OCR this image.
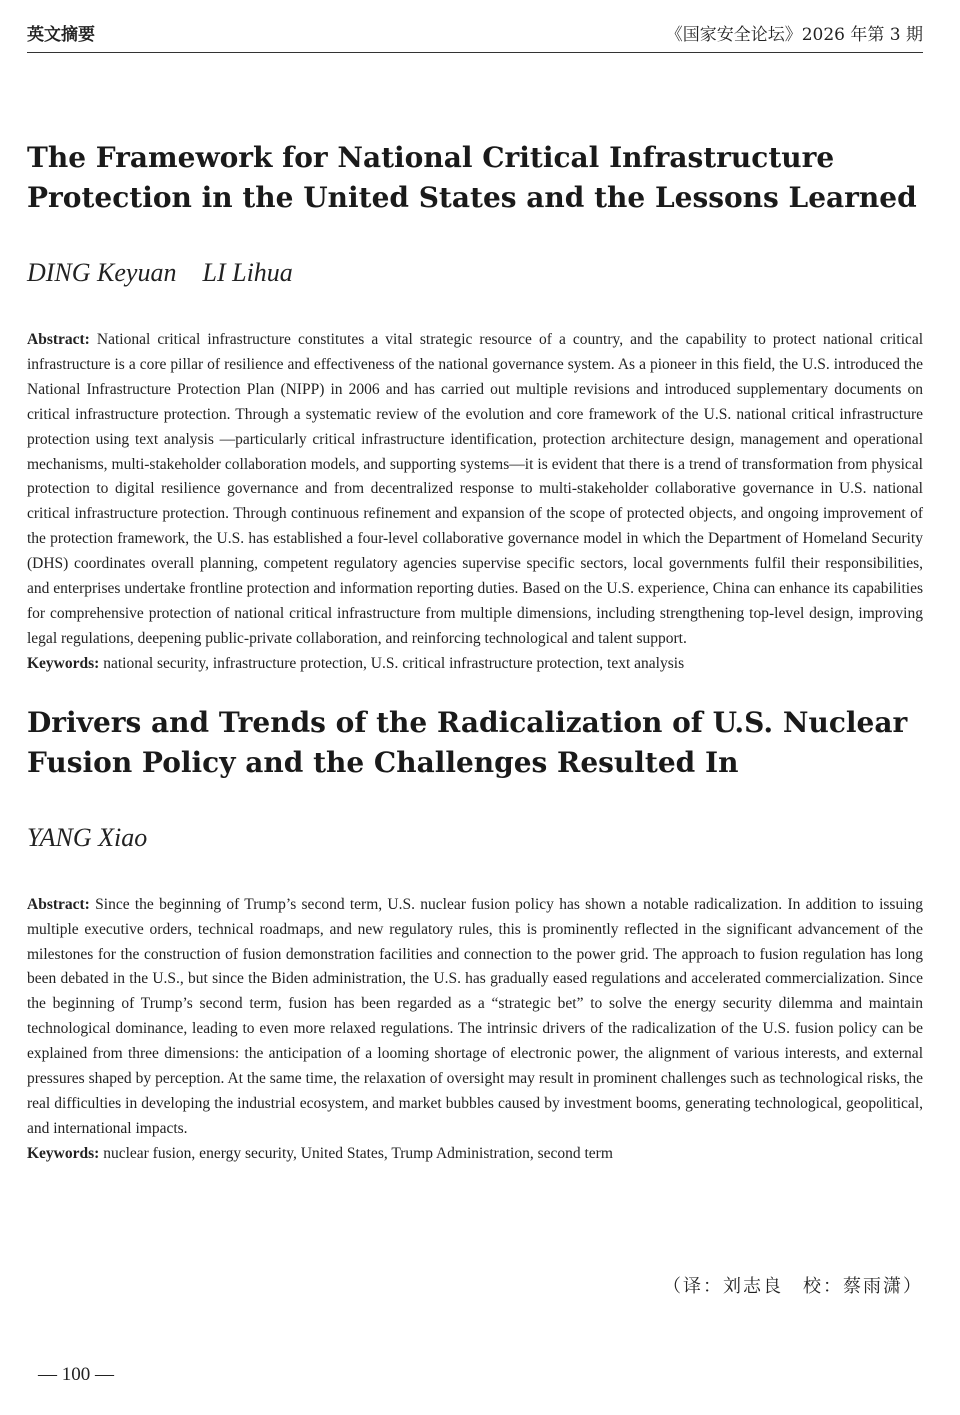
英文摘要	《国家安全论坛》2026 年第 3 期
The Framework for National Critical Infrastructure Protection in the United States and the Lessons Learned
DING Keyuan LI Lihua

Abstract: National critical infrastructure constitutes a vital strategic resource of a country, and the capability to protect national critical infrastructure is a core pillar of resilience and effectiveness of the national governance system. As a pioneer in this field, the U.S. introduced the National Infrastructure Protection Plan (NIPP) in 2006 and has carried out multiple revisions and introduced supplementary documents on critical infrastructure protection. Through a systematic review of the evolution and core framework of the U.S. national critical infrastructure protection using text analysis —particularly critical infrastructure identification, protection architecture design, management and operational mechanisms, multi-stakeholder collaboration models, and supporting systems—it is evident that there is a trend of transformation from physical protection to digital resilience governance and from decentralized response to multi-stakeholder collaborative governance in U.S. national critical infrastructure protection. Through continuous refinement and expansion of the scope of protected objects, and ongoing improvement of the protection framework, the U.S. has established a four-level collaborative governance model in which the Department of Homeland Security (DHS) coordinates overall planning, competent regulatory agencies supervise specific sectors, local governments fulfil their responsibilities, and enterprises undertake frontline protection and information reporting duties. Based on the U.S. experience, China can enhance its capabilities for comprehensive protection of national critical infrastructure from multiple dimensions, including strengthening top-level design, improving legal regulations, deepening public-private collaboration, and reinforcing technological and talent support.

Keywords: national security, infrastructure protection, U.S. critical infrastructure protection, text analysis

Drivers and Trends of the Radicalization of U.S. Nuclear Fusion Policy and the Challenges Resulted In
YANG Xiao

Abstract: Since the beginning of Trump’s second term, U.S. nuclear fusion policy has shown a notable radicalization. In addition to issuing multiple executive orders, technical roadmaps, and new regulatory rules, this is prominently reflected in the significant advancement of the milestones for the construction of fusion demonstration facilities and connection to the power grid. The approach to fusion regulation has long been debated in the U.S., but since the Biden administration, the U.S. has gradually eased regulations and accelerated commercialization. Since the beginning of Trump’s second term, fusion has been regarded as a “strategic bet” to solve the energy security dilemma and maintain technological dominance, leading to even more relaxed regulations. The intrinsic drivers of the radicalization of the U.S. fusion policy can be explained from three dimensions: the anticipation of a looming shortage of electronic power, the alignment of various interests, and external pressures shaped by perception. At the same time, the relaxation of oversight may result in prominent challenges such as technological risks, the real difficulties in developing the industrial ecosystem, and market bubbles caused by investment booms, generating technological, geopolitical, and international impacts.

Keywords: nuclear fusion, energy security, United States, Trump Administration, second term

（译：刘志良　校：蔡雨潇）
— 100 —
